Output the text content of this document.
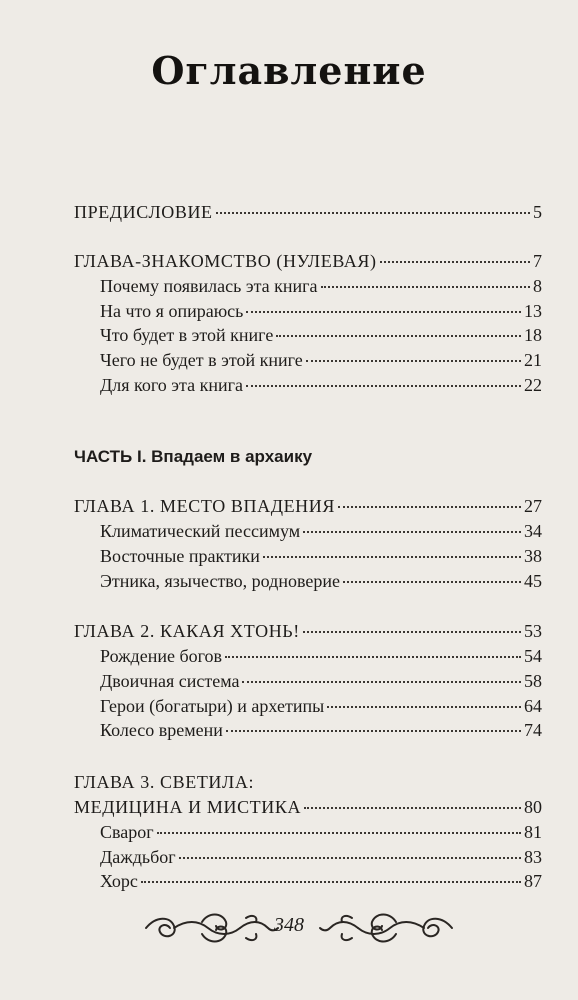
Оглавление
ПРЕДИСЛОВИЕ	5
ГЛАВА-ЗНАКОМСТВО (НУЛЕВАЯ)	7
Почему появилась эта книга	8
На что я опираюсь	13
Что будет в этой книге	18
Чего не будет в этой книге	21
Для кого эта книга	22
ЧАСТЬ I. Впадаем в архаику
ГЛАВА 1. МЕСТО ВПАДЕНИЯ	27
Климатический пессимум	34
Восточные практики	38
Этника, язычество, родноверие	45
ГЛАВА 2. КАКАЯ ХТОНЬ!	53
Рождение богов	54
Двоичная система	58
Герои (богатыри) и архетипы	64
Колесо времени	74
ГЛАВА 3. СВЕТИЛА:
МЕДИЦИНА И МИСТИКА	80
Сварог	81
Даждьбог	83
Хорс	87
348
